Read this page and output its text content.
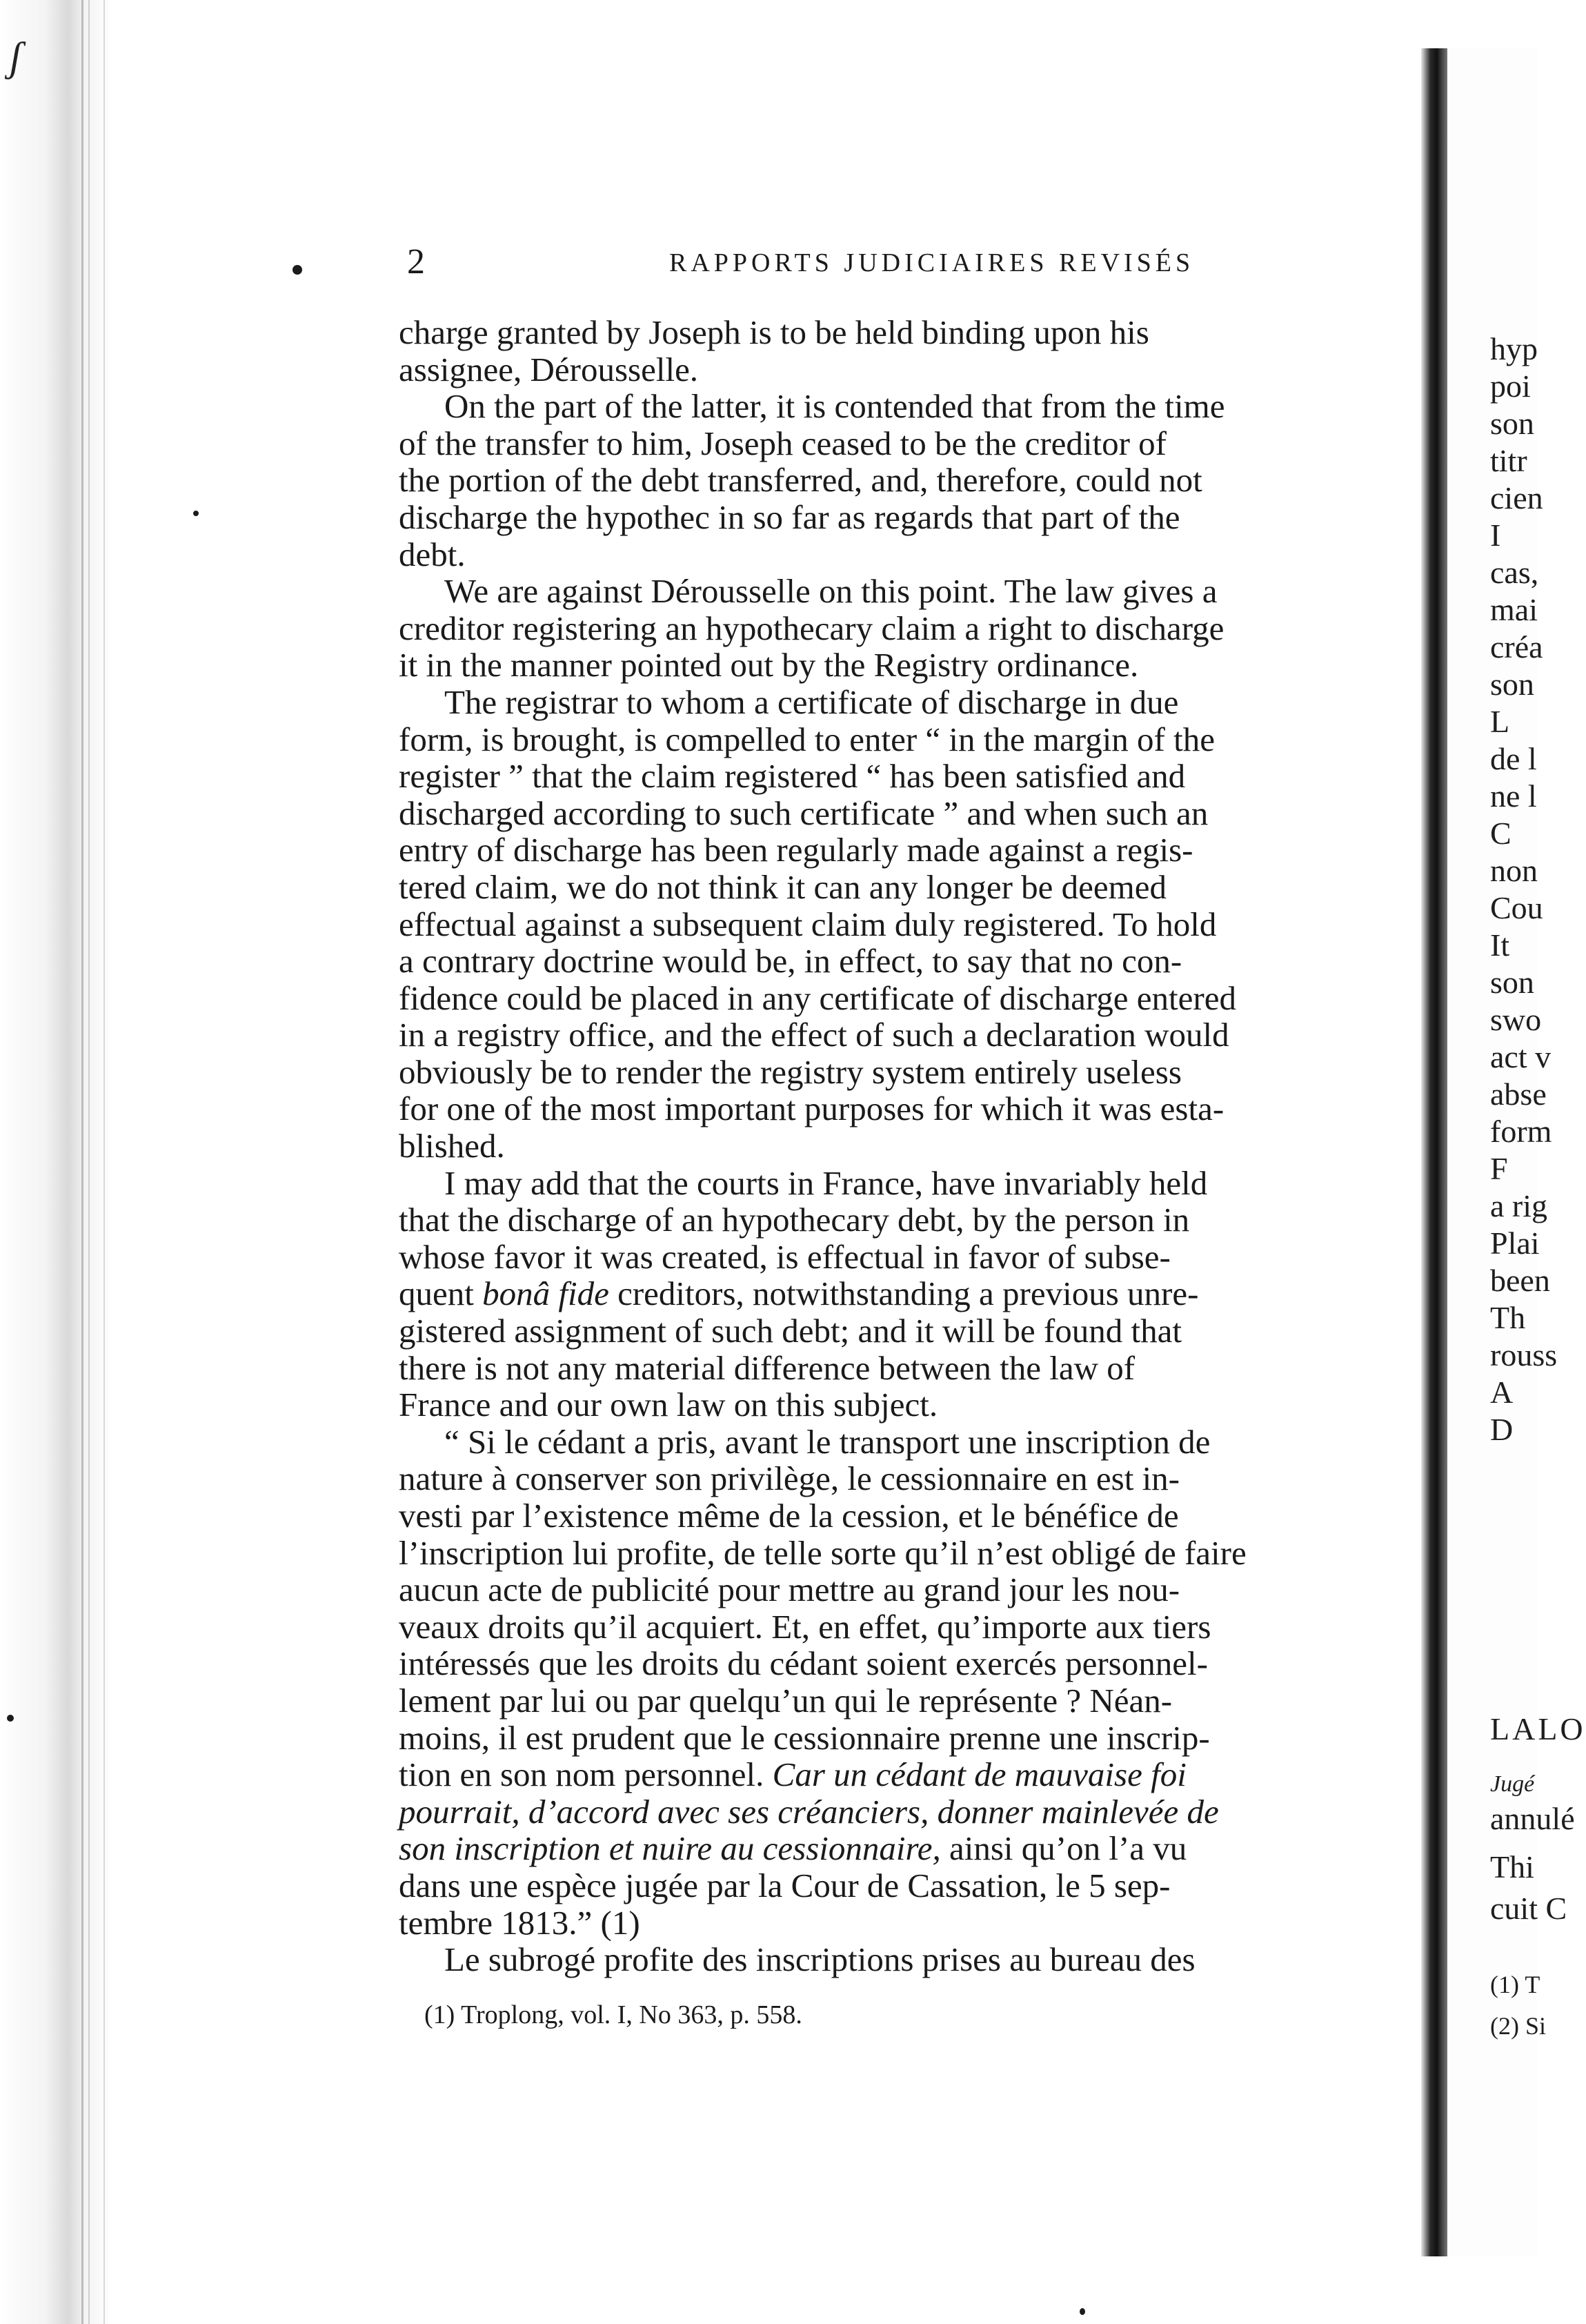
ʃ
hyp
poi
son
titr
cien
I
cas,
mai
créa
son
L
de l
ne l
C
non
Cou
It
son
swo
act v
abse
form
F
a rig
Plai
been
Th
rouss
A
D
LALO
Jugé
annulé
Thi
cuit C
(1) T
(2) Si
2	RAPPORTS JUDICIAIRES REVISÉS
charge granted by Joseph is to be held binding upon his
assignee, Dérousselle.
On the part of the latter, it is contended that from the time
of the transfer to him, Joseph ceased to be the creditor of
the portion of the debt transferred, and, therefore, could not
discharge the hypothec in so far as regards that part of the
debt.
We are against Dérousselle on this point. The law gives a
creditor registering an hypothecary claim a right to discharge
it in the manner pointed out by the Registry ordinance.
The registrar to whom a certificate of discharge in due
form, is brought, is compelled to enter “ in the margin of the
register ” that the claim registered “ has been satisfied and
discharged according to such certificate ” and when such an
entry of discharge has been regularly made against a regis-
tered claim, we do not think it can any longer be deemed
effectual against a subsequent claim duly registered. To hold
a contrary doctrine would be, in effect, to say that no con-
fidence could be placed in any certificate of discharge entered
in a registry office, and the effect of such a declaration would
obviously be to render the registry system entirely useless
for one of the most important purposes for which it was esta-
blished.
I may add that the courts in France, have invariably held
that the discharge of an hypothecary debt, by the person in
whose favor it was created, is effectual in favor of subse-
quent bonâ fide creditors, notwithstanding a previous unre-
gistered assignment of such debt; and it will be found that
there is not any material difference between the law of
France and our own law on this subject.
“ Si le cédant a pris, avant le transport une inscription de
nature à conserver son privilège, le cessionnaire en est in-
vesti par l’existence même de la cession, et le bénéfice de
l’inscription lui profite, de telle sorte qu’il n’est obligé de faire
aucun acte de publicité pour mettre au grand jour les nou-
veaux droits qu’il acquiert. Et, en effet, qu’importe aux tiers
intéressés que les droits du cédant soient exercés personnel-
lement par lui ou par quelqu’un qui le représente ? Néan-
moins, il est prudent que le cessionnaire prenne une inscrip-
tion en son nom personnel. Car un cédant de mauvaise foi
pourrait, d’accord avec ses créanciers, donner mainlevée de
son inscription et nuire au cessionnaire, ainsi qu’on l’a vu
dans une espèce jugée par la Cour de Cassation, le 5 sep-
tembre 1813.” (1)
Le subrogé profite des inscriptions prises au bureau des
(1) Troplong, vol. I, No 363, p. 558.
